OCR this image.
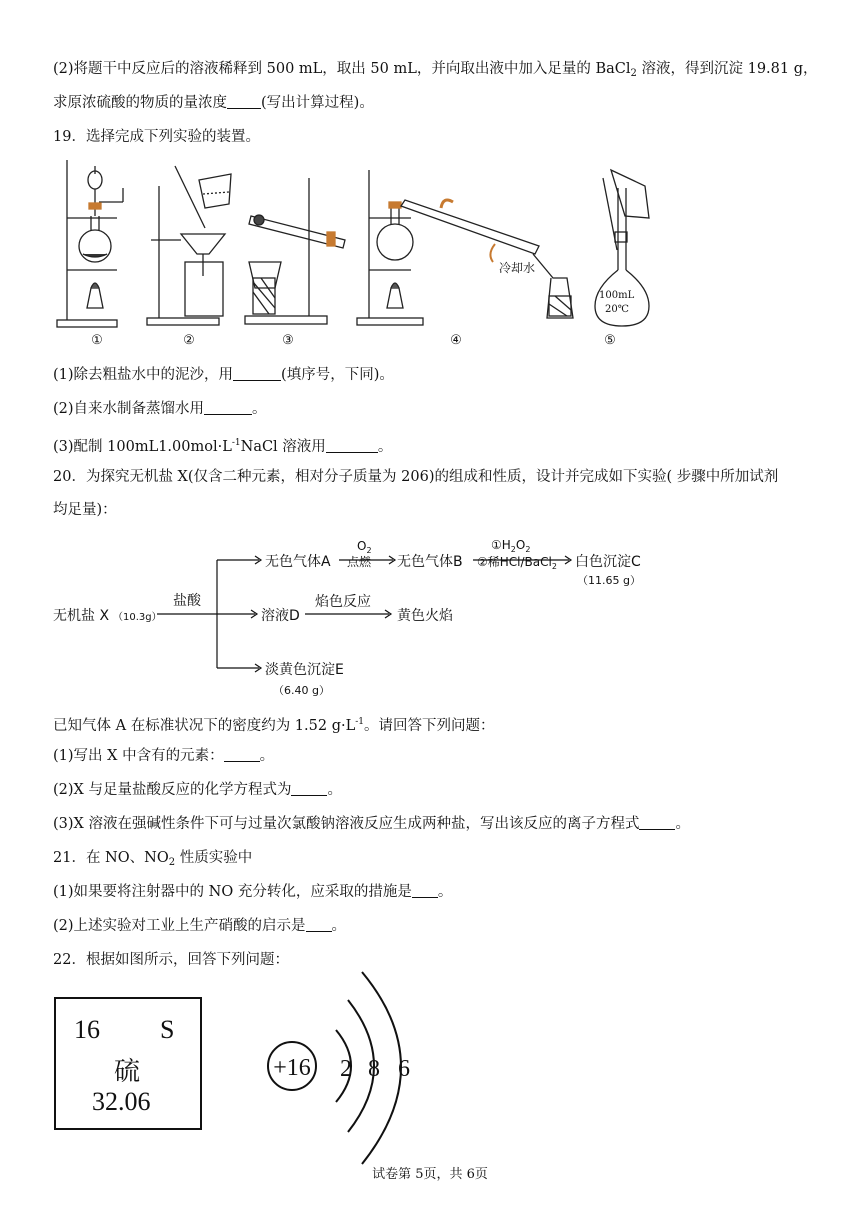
(2)将题干中反应后的溶液稀释到 500 mL，取出 50 mL，并向取出液中加入足量的 BaCl$_2$ 溶液，得到沉淀 19.81 g，
求原浓硫酸的物质的量浓度 (写出计算过程)。
19．选择完成下列实验的装置。
冷却水
100mL
20℃
①	②	③	④	⑤
(1)除去粗盐水中的泥沙，用	(填序号，下同)。
(2)自来水制备蒸馏水用	。
(3)配制 $100mL1.00mol\cdot L^{-1}NaCl$ 溶液用	。
20．为探究无机盐 X(仅含二种元素，相对分子质量为 206)的组成和性质，设计并完成如下实验( 步骤中所加试剂
均足量)：
无机盐 X （10.3g）
盐酸
无色气体A
$O_2$
点燃 无色气体B
$①H_2O_2$
②稀HCl/BaCl$_2$ 白色沉淀C
（11.65 g）
溶液D
焰色反应
黄色火焰
淡黄色沉淀E
（6.40 g）
已知气体 A 在标准状况下的密度约为 1.52 $g\cdot L^{-1}$。请回答下列问题：
(1)写出 X 中含有的元素： 。
(2)X 与足量盐酸反应的化学方程式为 。
(3)X 溶液在强碱性条件下可与过量次氯酸钠溶液反应生成两种盐，写出该反应的离子方程式 。
21．在 NO、$NO_2$ 性质实验中
(1)如果要将注射器中的 NO 充分转化，应采取的措施是 。
(2)上述实验对工业上生产硝酸的启示是 。
22．根据如图所示，回答下列问题：
16 S
硫
32.06
+16 2 8 6
试卷第 5页，共 6页
